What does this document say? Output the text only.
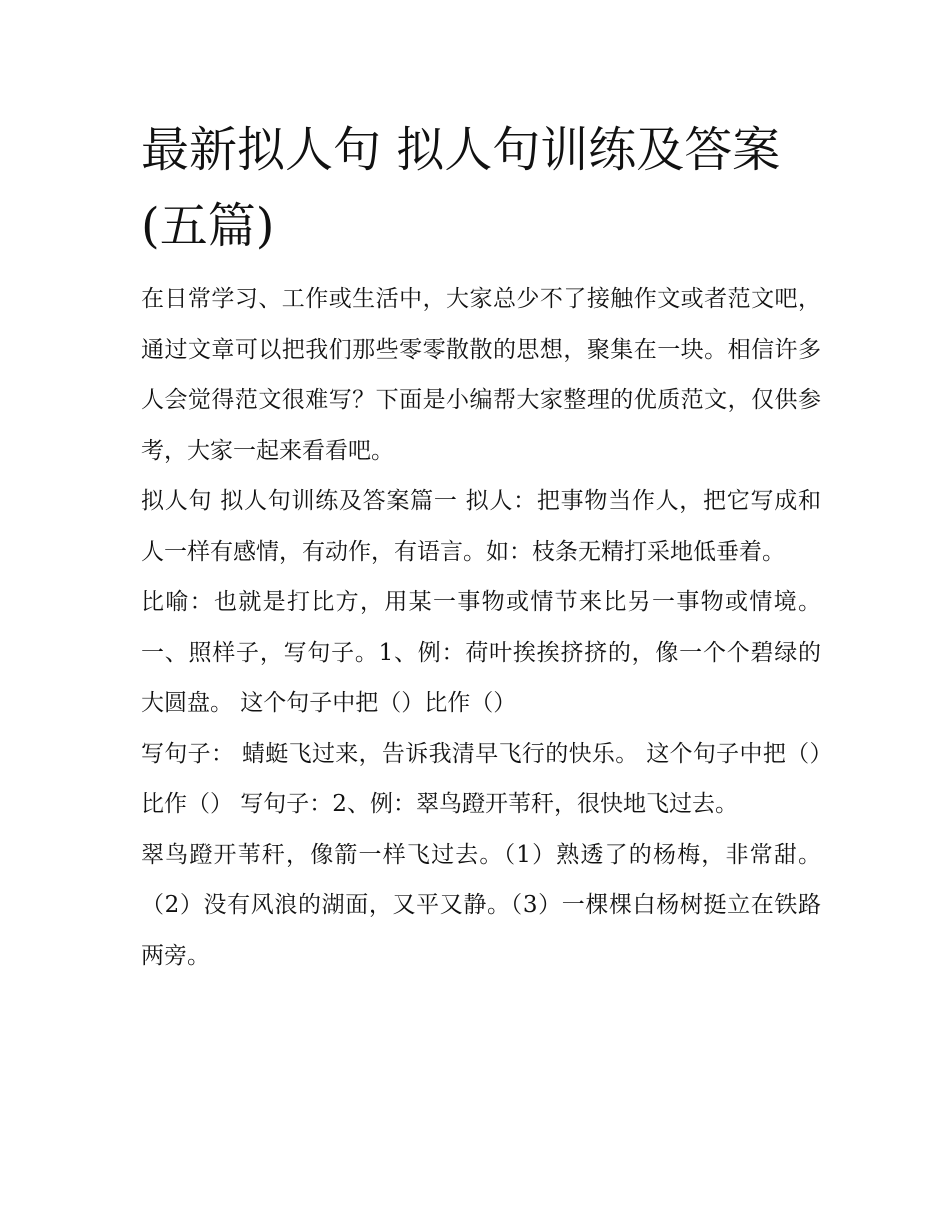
最新拟人句 拟人句训练及答案(五篇)

在日常学习、工作或生活中，大家总少不了接触作文或者范文吧，通过文章可以把我们那些零零散散的思想，聚集在一块。相信许多人会觉得范文很难写？下面是小编帮大家整理的优质范文，仅供参考，大家一起来看看吧。

拟人句 拟人句训练及答案篇一 拟人：把事物当作人，把它写成和人一样有感情，有动作，有语言。如：枝条无精打采地低垂着。

比喻：也就是打比方，用某一事物或情节来比另一事物或情境。 一、照样子，写句子。1、例：荷叶挨挨挤挤的，像一个个碧绿的大圆盘。 这个句子中把（）比作（）

写句子： 蜻蜓飞过来，告诉我清早飞行的快乐。 这个句子中把（）比作（） 写句子：2、例：翠鸟蹬开苇秆，很快地飞过去。

翠鸟蹬开苇秆，像箭一样飞过去。（1）熟透了的杨梅，非常甜。（2）没有风浪的湖面，又平又静。（3）一棵棵白杨树挺立在铁路两旁。
